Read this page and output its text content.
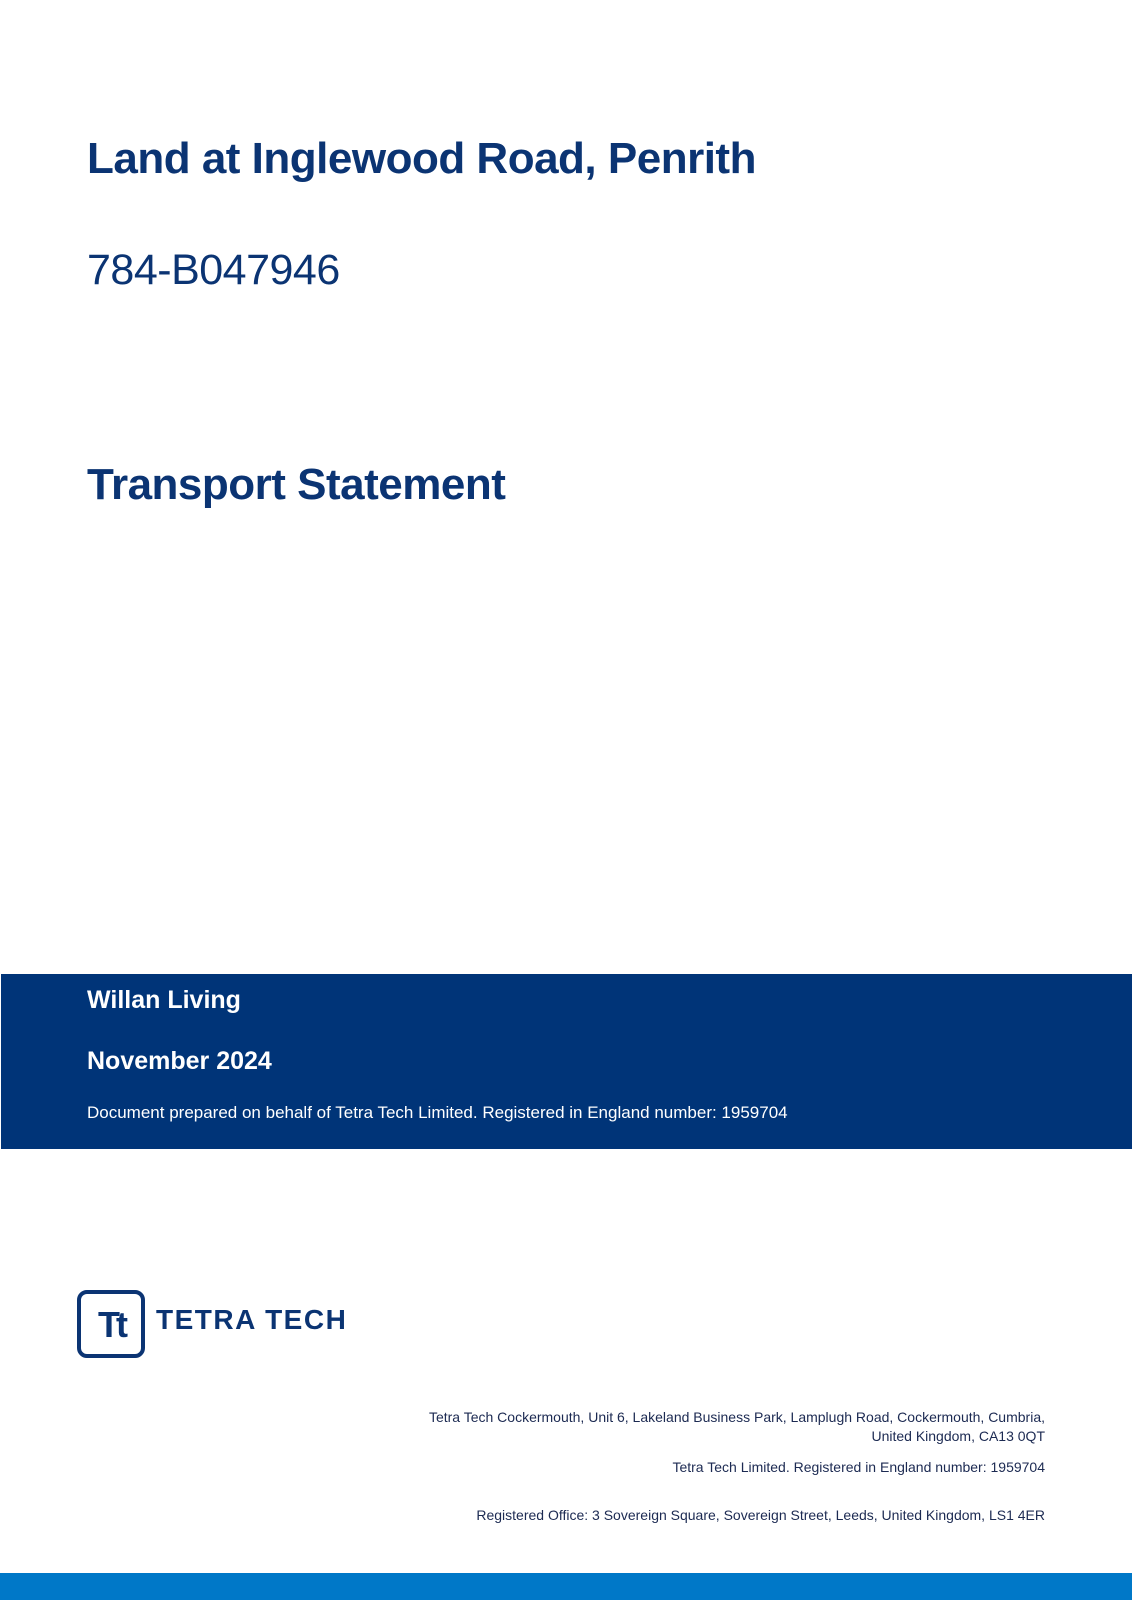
Land at Inglewood Road, Penrith
784-B047946
Transport Statement
Willan Living
November 2024
Document prepared on behalf of Tetra Tech Limited. Registered in England number: 1959704
Tt TETRA TECH
Tetra Tech Cockermouth, Unit 6, Lakeland Business Park, Lamplugh Road, Cockermouth, Cumbria,
United Kingdom, CA13 0QT
Tetra Tech Limited. Registered in England number: 1959704
Registered Office: 3 Sovereign Square, Sovereign Street, Leeds, United Kingdom, LS1 4ER
